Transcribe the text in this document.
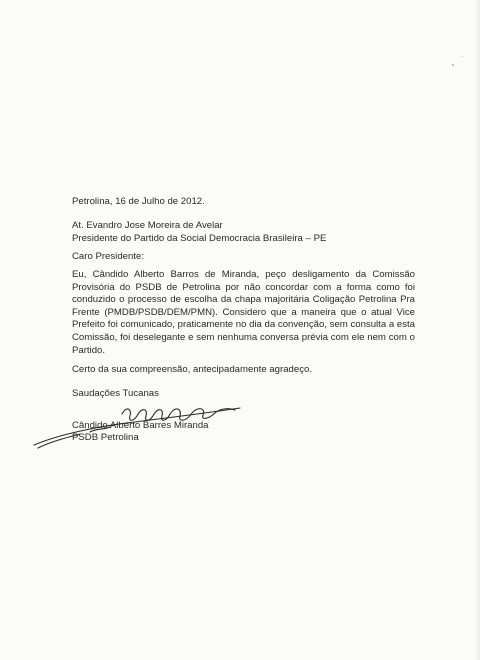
Petrolina, 16 de Julho de 2012.
At. Evandro Jose Moreira de Avelar
Presidente do Partido da Social Democracia Brasileira – PE
Caro Presidente:
Eu, Cândido Alberto Barros de Miranda, peço desligamento da Comissão Provisória do PSDB de Petrolina por não concordar com a forma como foi conduzido o processo de escolha da chapa majoritária Coligação Petrolina Pra Frente (PMDB/PSDB/DEM/PMN). Considero que a maneira que o atual Vice Prefeito foi comunicado, praticamente no dia da convenção, sem consulta a esta Comissão, foi deselegante e sem nenhuma conversa prévia com ele nem com o Partido.
Certo da sua compreensão, antecipadamente agradeço.
Saudações Tucanas
Cândido Alberto Barres Miranda
PSDB Petrolina
